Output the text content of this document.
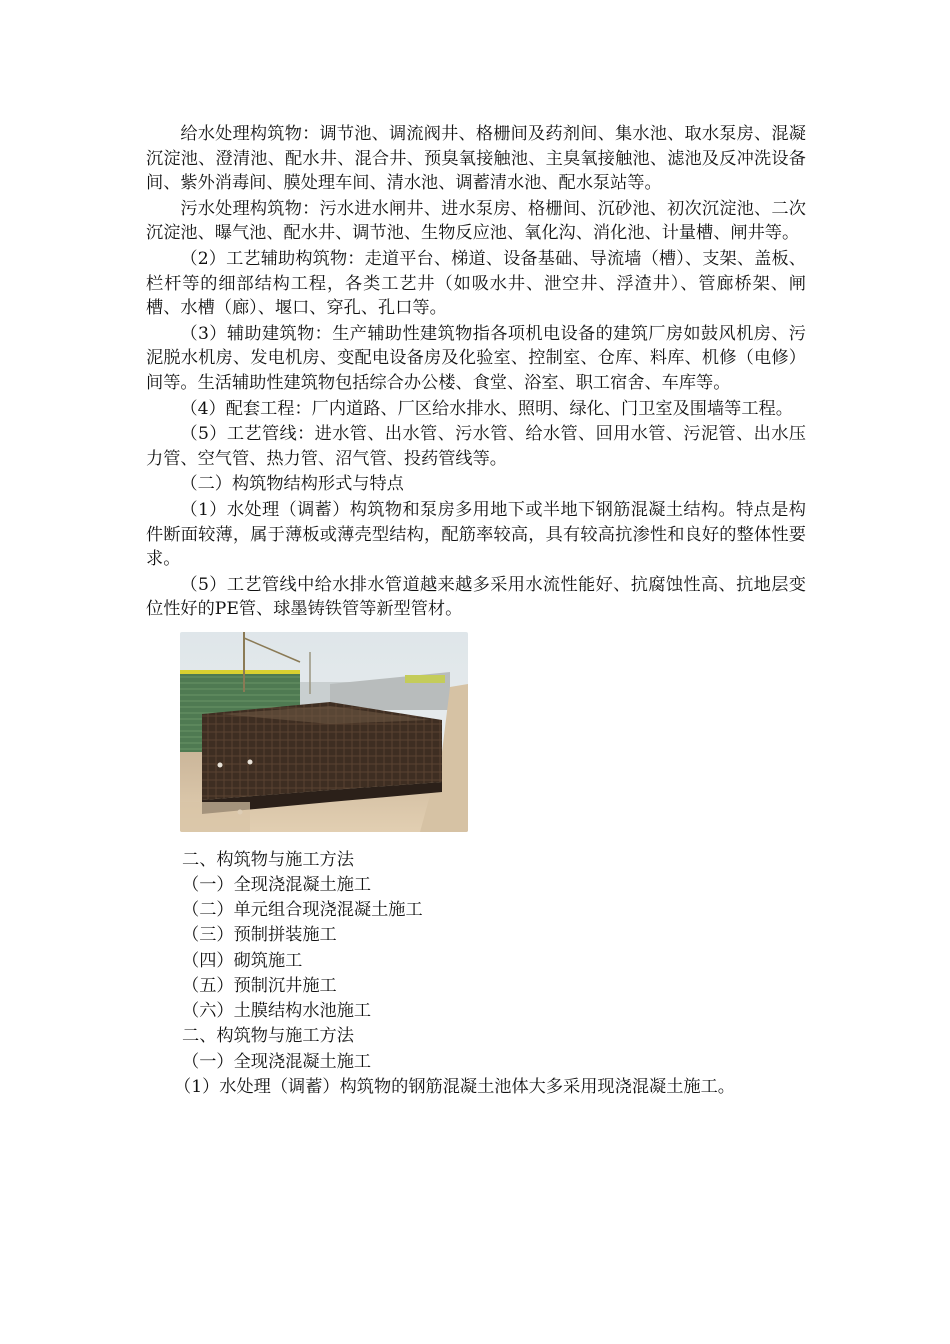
给水处理构筑物：调节池、调流阀井、格栅间及药剂间、集水池、取水泵房、混凝沉淀池、澄清池、配水井、混合井、预臭氧接触池、主臭氧接触池、滤池及反冲洗设备间、紫外消毒间、膜处理车间、清水池、调蓄清水池、配水泵站等。

污水处理构筑物：污水进水闸井、进水泵房、格栅间、沉砂池、初次沉淀池、二次沉淀池、曝气池、配水井、调节池、生物反应池、氧化沟、消化池、计量槽、闸井等。

（2）工艺辅助构筑物：走道平台、梯道、设备基础、导流墙（槽）、支架、盖板、栏杆等的细部结构工程，各类工艺井（如吸水井、泄空井、浮渣井）、管廊桥架、闸槽、水槽（廊）、堰口、穿孔、孔口等。

（3）辅助建筑物：生产辅助性建筑物指各项机电设备的建筑厂房如鼓风机房、污泥脱水机房、发电机房、变配电设备房及化验室、控制室、仓库、料库、机修（电修）间等。生活辅助性建筑物包括综合办公楼、食堂、浴室、职工宿舍、车库等。

（4）配套工程：厂内道路、厂区给水排水、照明、绿化、门卫室及围墙等工程。

（5）工艺管线：进水管、出水管、污水管、给水管、回用水管、污泥管、出水压力管、空气管、热力管、沼气管、投药管线等。

（二）构筑物结构形式与特点

（1）水处理（调蓄）构筑物和泵房多用地下或半地下钢筋混凝土结构。特点是构件断面较薄，属于薄板或薄壳型结构，配筋率较高，具有较高抗渗性和良好的整体性要求。

（5）工艺管线中给水排水管道越来越多采用水流性能好、抗腐蚀性高、抗地层变位性好的PE管、球墨铸铁管等新型管材。

二、构筑物与施工方法

（一）全现浇混凝土施工

（二）单元组合现浇混凝土施工

（三）预制拼装施工

（四）砌筑施工

（五）预制沉井施工

（六）土膜结构水池施工

二、构筑物与施工方法

（一）全现浇混凝土施工

（1）水处理（调蓄）构筑物的钢筋混凝土池体大多采用现浇混凝土施工。
